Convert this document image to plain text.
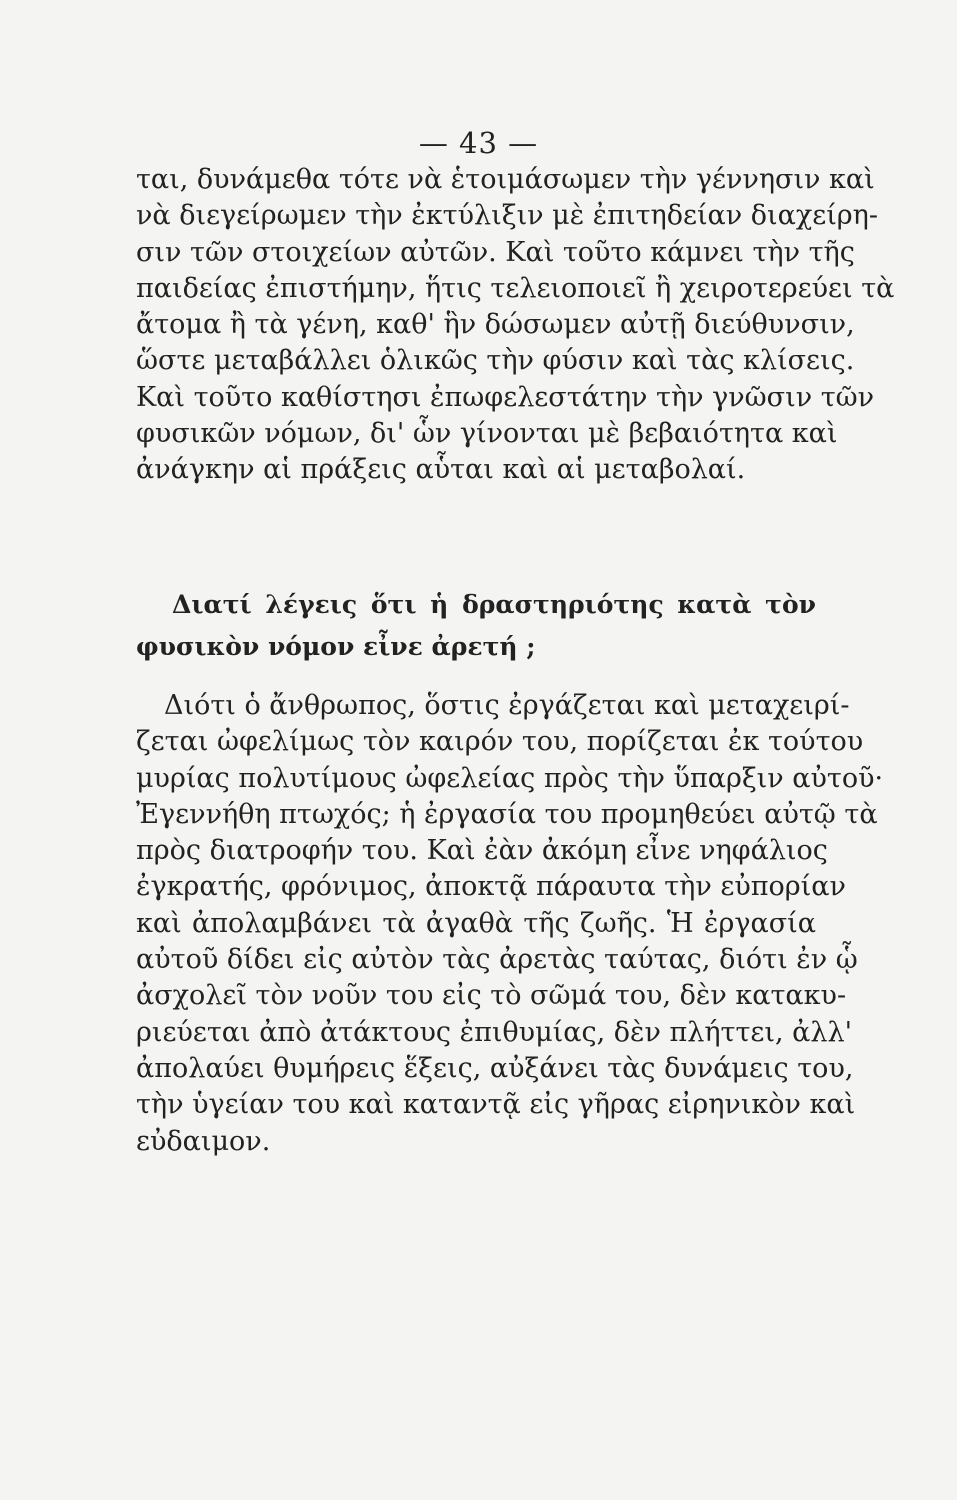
— 43 —
ται, δυνάμεθα τότε νὰ ἑτοιμάσωμεν τὴν γέννησιν καὶ
νὰ διεγείρωμεν τὴν ἐκτύλιξιν μὲ ἐπιτηδείαν διαχείρη-
σιν τῶν στοιχείων αὐτῶν. Καὶ τοῦτο κάμνει τὴν τῆς
παιδείας ἐπιστήμην, ἥτις τελειοποιεῖ ἢ χειροτερεύει τὰ
ἄτομα ἢ τὰ γένη, καθ' ἣν δώσωμεν αὐτῇ διεύθυνσιν,
ὥστε μεταβάλλει ὁλικῶς τὴν φύσιν καὶ τὰς κλίσεις.
Καὶ τοῦτο καθίστησι ἐπωφελεστάτην τὴν γνῶσιν τῶν
φυσικῶν νόμων, δι' ὧν γίνονται μὲ βεβαιότητα καὶ
ἀνάγκην αἱ πράξεις αὗται καὶ αἱ μεταβολαί.
Διατί λέγεις ὅτι ἡ δραστηριότης κατὰ τὸν
φυσικὸν νόμον εἶνε ἀρετή ;
Διότι ὁ ἄνθρωπος, ὅστις ἐργάζεται καὶ μεταχειρί-
ζεται ὠφελίμως τὸν καιρόν του, πορίζεται ἐκ τούτου
μυρίας πολυτίμους ὠφελείας πρὸς τὴν ὕπαρξιν αὐτοῦ·
Ἐγεννήθη πτωχός; ἡ ἐργασία του προμηθεύει αὐτῷ τὰ
πρὸς διατροφήν του. Καὶ ἐὰν ἀκόμη εἶνε νηφάλιος
ἐγκρατής, φρόνιμος, ἀποκτᾷ πάραυτα τὴν εὐπορίαν
καὶ ἀπολαμβάνει τὰ ἀγαθὰ τῆς ζωῆς. Ἡ ἐργασία
αὐτοῦ δίδει εἰς αὐτὸν τὰς ἀρετὰς ταύτας, διότι ἐν ᾧ
ἀσχολεῖ τὸν νοῦν του εἰς τὸ σῶμά του, δὲν κατακυ-
ριεύεται ἀπὸ ἀτάκτους ἐπιθυμίας, δὲν πλήττει, ἀλλ'
ἀπολαύει θυμήρεις ἕξεις, αὐξάνει τὰς δυνάμεις του,
τὴν ὑγείαν του καὶ καταντᾷ εἰς γῆρας εἰρηνικὸν καὶ
εὐδαιμον.
